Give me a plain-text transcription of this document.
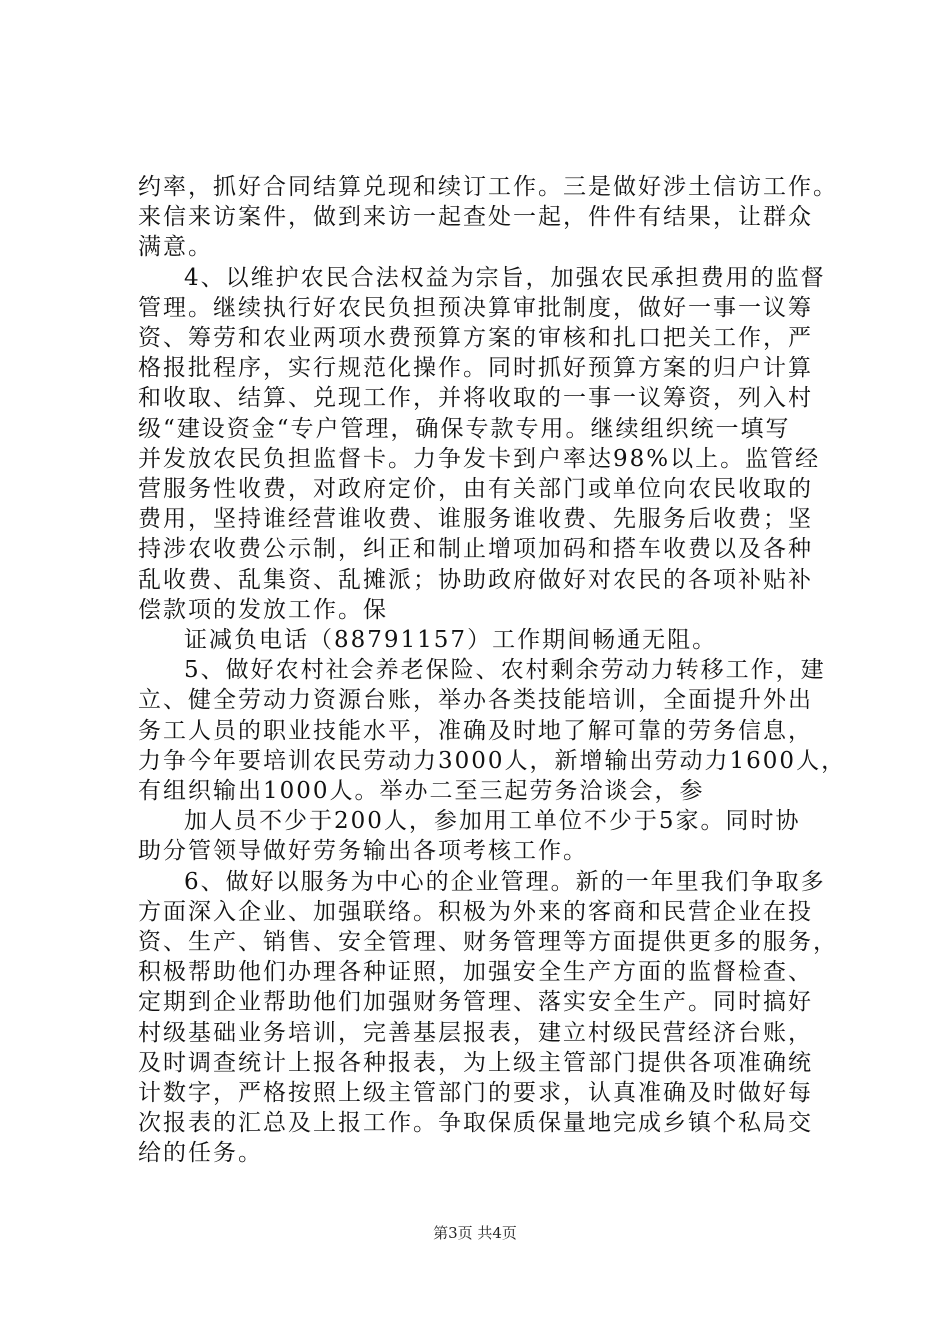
约率，抓好合同结算兑现和续订工作。三是做好涉土信访工作。
来信来访案件，做到来访一起查处一起，件件有结果，让群众
满意。
4、以维护农民合法权益为宗旨，加强农民承担费用的监督
管理。继续执行好农民负担预决算审批制度，做好一事一议筹
资、筹劳和农业两项水费预算方案的审核和扎口把关工作，严
格报批程序，实行规范化操作。同时抓好预算方案的归户计算
和收取、结算、兑现工作，并将收取的一事一议筹资，列入村
级“建设资金“专户管理，确保专款专用。继续组织统一填写
并发放农民负担监督卡。力争发卡到户率达98%以上。监管经
营服务性收费，对政府定价，由有关部门或单位向农民收取的
费用，坚持谁经营谁收费、谁服务谁收费、先服务后收费；坚
持涉农收费公示制，纠正和制止增项加码和搭车收费以及各种
乱收费、乱集资、乱摊派；协助政府做好对农民的各项补贴补
偿款项的发放工作。保
证减负电话（88791157）工作期间畅通无阻。
5、做好农村社会养老保险、农村剩余劳动力转移工作，建
立、健全劳动力资源台账，举办各类技能培训，全面提升外出
务工人员的职业技能水平，准确及时地了解可靠的劳务信息，
力争今年要培训农民劳动力3000人，新增输出劳动力1600人，
有组织输出1000人。举办二至三起劳务洽谈会，参
加人员不少于200人，参加用工单位不少于5家。同时协
助分管领导做好劳务输出各项考核工作。
6、做好以服务为中心的企业管理。新的一年里我们争取多
方面深入企业、加强联络。积极为外来的客商和民营企业在投
资、生产、销售、安全管理、财务管理等方面提供更多的服务，
积极帮助他们办理各种证照，加强安全生产方面的监督检查、
定期到企业帮助他们加强财务管理、落实安全生产。同时搞好
村级基础业务培训，完善基层报表，建立村级民营经济台账，
及时调查统计上报各种报表，为上级主管部门提供各项准确统
计数字，严格按照上级主管部门的要求，认真准确及时做好每
次报表的汇总及上报工作。争取保质保量地完成乡镇个私局交
给的任务。
第3页 共4页
